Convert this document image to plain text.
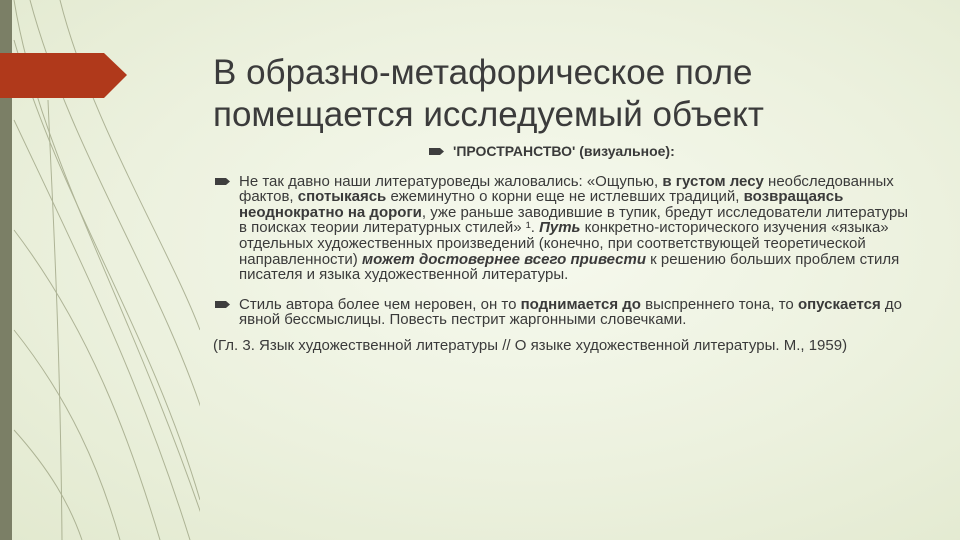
В образно-метафорическое поле помещается исследуемый объект
'ПРОСТРАНСТВО' (визуальное):
Не так давно наши литературоведы жаловались: «Ощупью, в густом лесу необследованных фактов, спотыкаясь ежеминутно о корни еще не истлевших традиций, возвращаясь неоднократно на дороги, уже раньше заводившие в тупик, бредут исследователи литературы в поисках теории литературных стилей» ¹. Путь конкретно-исторического изучения «языка» отдельных художественных произведений (конечно, при соответствующей теоретической направленности) может достовернее всего привести к решению больших проблем стиля писателя и языка художественной литературы.
Стиль автора более чем неровен, он то поднимается до выспреннего тона, то опускается до явной бессмыслицы. Повесть пестрит жаргонными словечками.
(Гл. 3. Язык художественной литературы // О языке художественной литературы. М., 1959)
